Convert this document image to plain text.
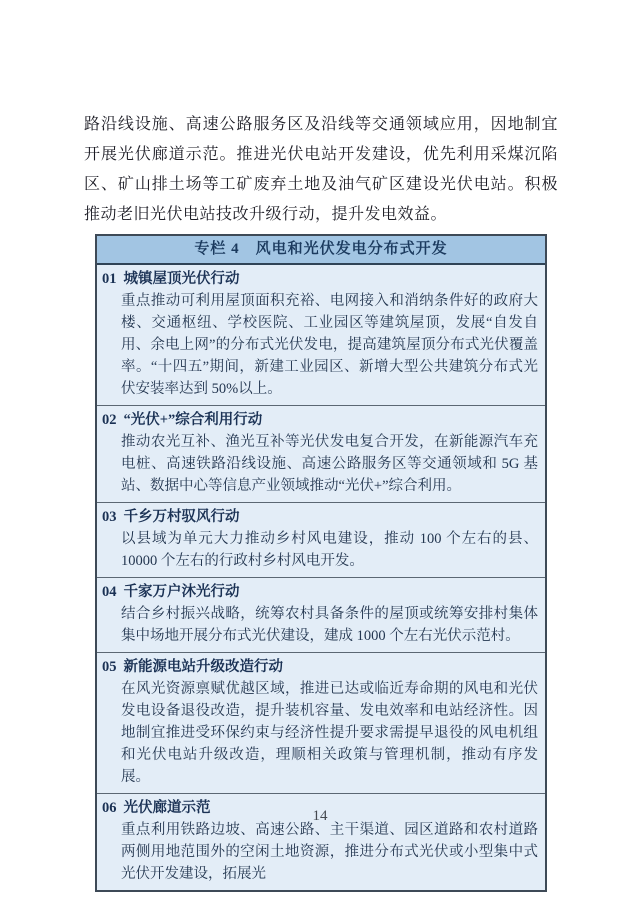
路沿线设施、高速公路服务区及沿线等交通领域应用，因地制宜开展光伏廊道示范。推进光伏电站开发建设，优先利用采煤沉陷区、矿山排土场等工矿废弃土地及油气矿区建设光伏电站。积极推动老旧光伏电站技改升级行动，提升发电效益。

专栏 4　风电和光伏发电分布式开发
01 城镇屋顶光伏行动
重点推动可利用屋顶面积充裕、电网接入和消纳条件好的政府大楼、交通枢纽、学校医院、工业园区等建筑屋顶，发展“自发自用、余电上网”的分布式光伏发电，提高建筑屋顶分布式光伏覆盖率。“十四五”期间，新建工业园区、新增大型公共建筑分布式光伏安装率达到 50%以上。
02 “光伏+”综合利用行动
推动农光互补、渔光互补等光伏发电复合开发，在新能源汽车充电桩、高速铁路沿线设施、高速公路服务区等交通领域和 5G 基站、数据中心等信息产业领域推动“光伏+”综合利用。
03 千乡万村驭风行动
以县域为单元大力推动乡村风电建设，推动 100 个左右的县、10000 个左右的行政村乡村风电开发。
04 千家万户沐光行动
结合乡村振兴战略，统筹农村具备条件的屋顶或统筹安排村集体集中场地开展分布式光伏建设，建成 1000 个左右光伏示范村。
05 新能源电站升级改造行动
在风光资源禀赋优越区域，推进已达或临近寿命期的风电和光伏发电设备退役改造，提升装机容量、发电效率和电站经济性。因地制宜推进受环保约束与经济性提升要求需提早退役的风电机组和光伏电站升级改造，理顺相关政策与管理机制，推动有序发展。
06 光伏廊道示范
重点利用铁路边坡、高速公路、主干渠道、园区道路和农村道路两侧用地范围外的空闲土地资源，推进分布式光伏或小型集中式光伏开发建设，拓展光
14
